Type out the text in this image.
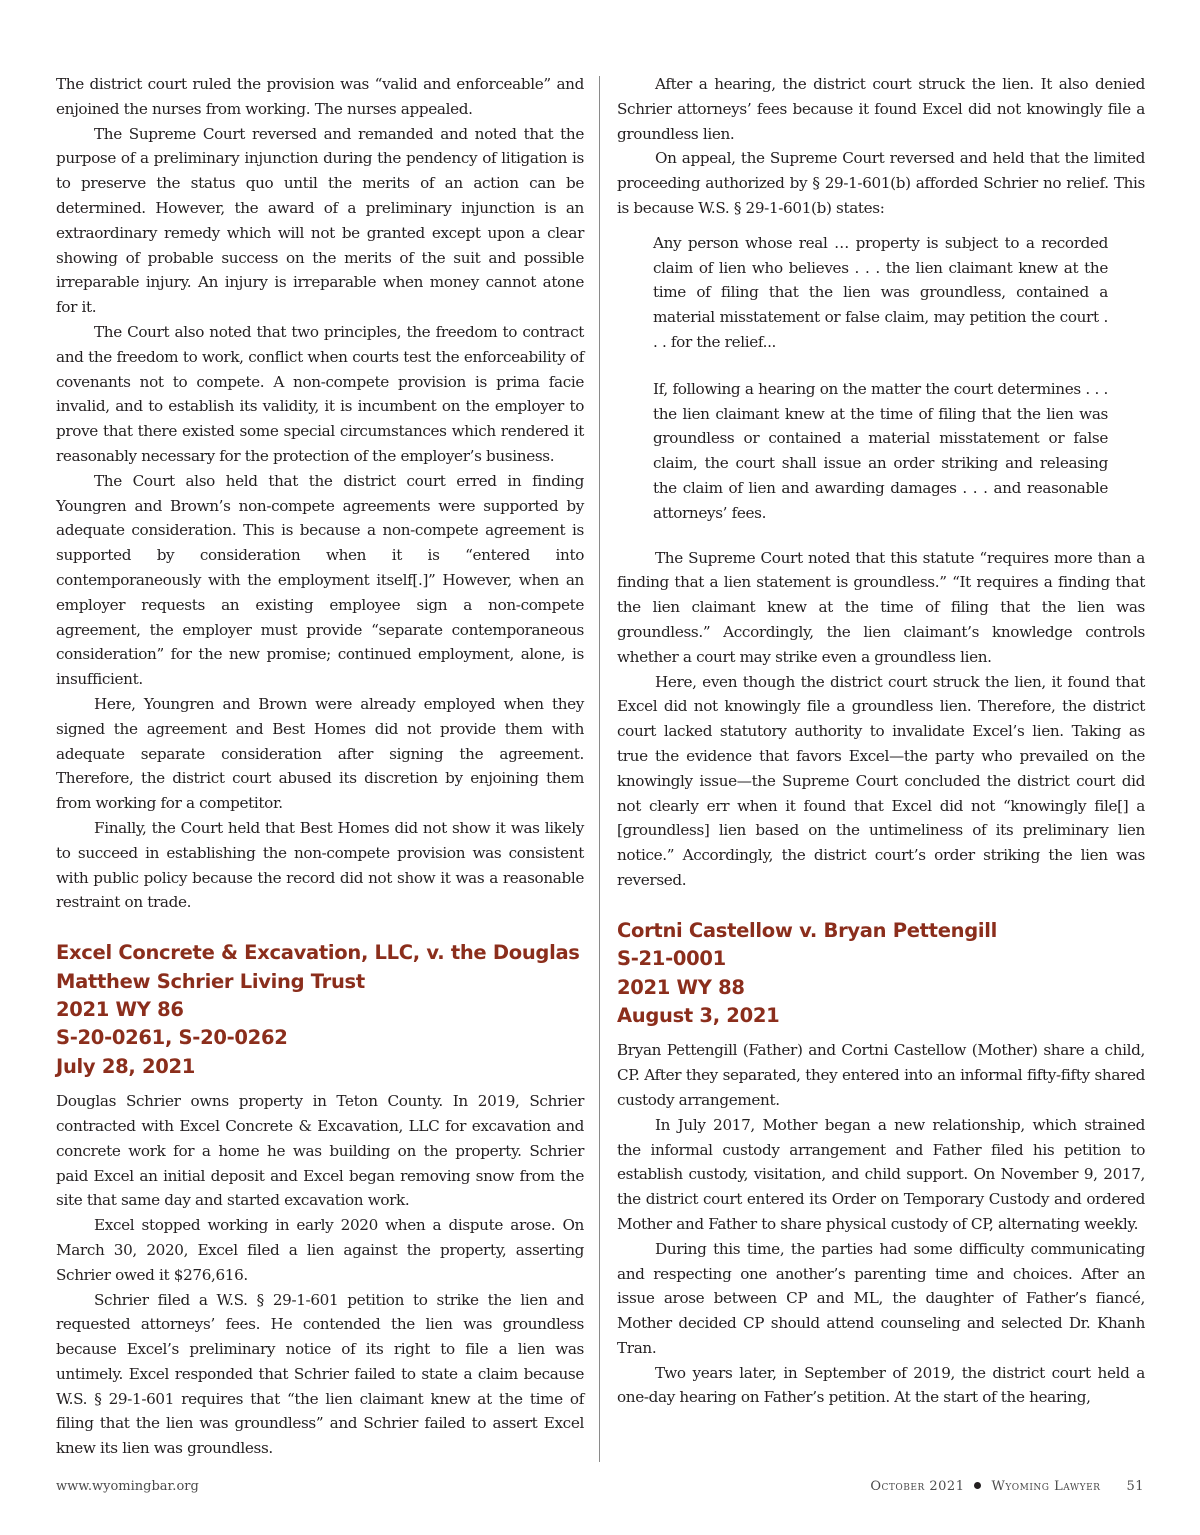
The district court ruled the provision was “valid and enforceable” and enjoined the nurses from working. The nurses appealed.

The Supreme Court reversed and remanded and noted that the purpose of a preliminary injunction during the pendency of litigation is to preserve the status quo until the merits of an action can be determined. However, the award of a preliminary injunction is an extraordinary remedy which will not be granted except upon a clear showing of probable success on the merits of the suit and possible irreparable injury. An injury is irreparable when money cannot atone for it.

The Court also noted that two principles, the freedom to contract and the freedom to work, conflict when courts test the enforceability of covenants not to compete. A non-compete provision is prima facie invalid, and to establish its validity, it is incumbent on the employer to prove that there existed some special circumstances which rendered it reasonably necessary for the protection of the employer’s business.

The Court also held that the district court erred in finding Youngren and Brown’s non-compete agreements were supported by adequate consideration. This is because a non-compete agreement is supported by consideration when it is “entered into contemporaneously with the employment itself[.]” However, when an employer requests an existing employee sign a non-compete agreement, the employer must provide “separate contemporaneous consideration” for the new promise; continued employment, alone, is insufficient.

Here, Youngren and Brown were already employed when they signed the agreement and Best Homes did not provide them with adequate separate consideration after signing the agreement. Therefore, the district court abused its discretion by enjoining them from working for a competitor.

Finally, the Court held that Best Homes did not show it was likely to succeed in establishing the non-compete provision was consistent with public policy because the record did not show it was a reasonable restraint on trade.

Excel Concrete & Excavation, LLC, v. the Douglas
Matthew Schrier Living Trust
2021 WY 86
S-20-0261, S-20-0262
July 28, 2021

Douglas Schrier owns property in Teton County. In 2019, Schrier contracted with Excel Concrete & Excavation, LLC for excavation and concrete work for a home he was building on the property. Schrier paid Excel an initial deposit and Excel began removing snow from the site that same day and started excavation work.

Excel stopped working in early 2020 when a dispute arose. On March 30, 2020, Excel filed a lien against the property, asserting Schrier owed it $276,616.

Schrier filed a W.S. § 29-1-601 petition to strike the lien and requested attorneys’ fees. He contended the lien was groundless because Excel’s preliminary notice of its right to file a lien was untimely. Excel responded that Schrier failed to state a claim because W.S. § 29-1-601 requires that “the lien claimant knew at the time of filing that the lien was groundless” and Schrier failed to assert Excel knew its lien was groundless.

After a hearing, the district court struck the lien. It also denied Schrier attorneys’ fees because it found Excel did not knowingly file a groundless lien.

On appeal, the Supreme Court reversed and held that the limited proceeding authorized by § 29-1-601(b) afforded Schrier no relief. This is because W.S. § 29-1-601(b) states:

Any person whose real … property is subject to a recorded claim of lien who believes . . . the lien claimant knew at the time of filing that the lien was groundless, contained a material misstatement or false claim, may petition the court . . . for the relief...

If, following a hearing on the matter the court determines . . . the lien claimant knew at the time of filing that the lien was groundless or contained a material misstatement or false claim, the court shall issue an order striking and releasing the claim of lien and awarding damages . . . and reasonable attorneys’ fees.

The Supreme Court noted that this statute “requires more than a finding that a lien statement is groundless.” “It requires a finding that the lien claimant knew at the time of filing that the lien was groundless.” Accordingly, the lien claimant’s knowledge controls whether a court may strike even a groundless lien.

Here, even though the district court struck the lien, it found that Excel did not knowingly file a groundless lien. Therefore, the district court lacked statutory authority to invalidate Excel’s lien. Taking as true the evidence that favors Excel—the party who prevailed on the knowingly issue—the Supreme Court concluded the district court did not clearly err when it found that Excel did not “knowingly file[] a [groundless] lien based on the untimeliness of its preliminary lien notice.” Accordingly, the district court’s order striking the lien was reversed.

Cortni Castellow v. Bryan Pettengill
S-21-0001
2021 WY 88
August 3, 2021

Bryan Pettengill (Father) and Cortni Castellow (Mother) share a child, CP. After they separated, they entered into an informal fifty-fifty shared custody arrangement.

In July 2017, Mother began a new relationship, which strained the informal custody arrangement and Father filed his petition to establish custody, visitation, and child support. On November 9, 2017, the district court entered its Order on Temporary Custody and ordered Mother and Father to share physical custody of CP, alternating weekly.

During this time, the parties had some difficulty communicating and respecting one another’s parenting time and choices. After an issue arose between CP and ML, the daughter of Father’s fiancé, Mother decided CP should attend counseling and selected Dr. Khanh Tran.

Two years later, in September of 2019, the district court held a one-day hearing on Father’s petition. At the start of the hearing,

www.wyomingbar.org	October 2021 Wyoming Lawyer 51
